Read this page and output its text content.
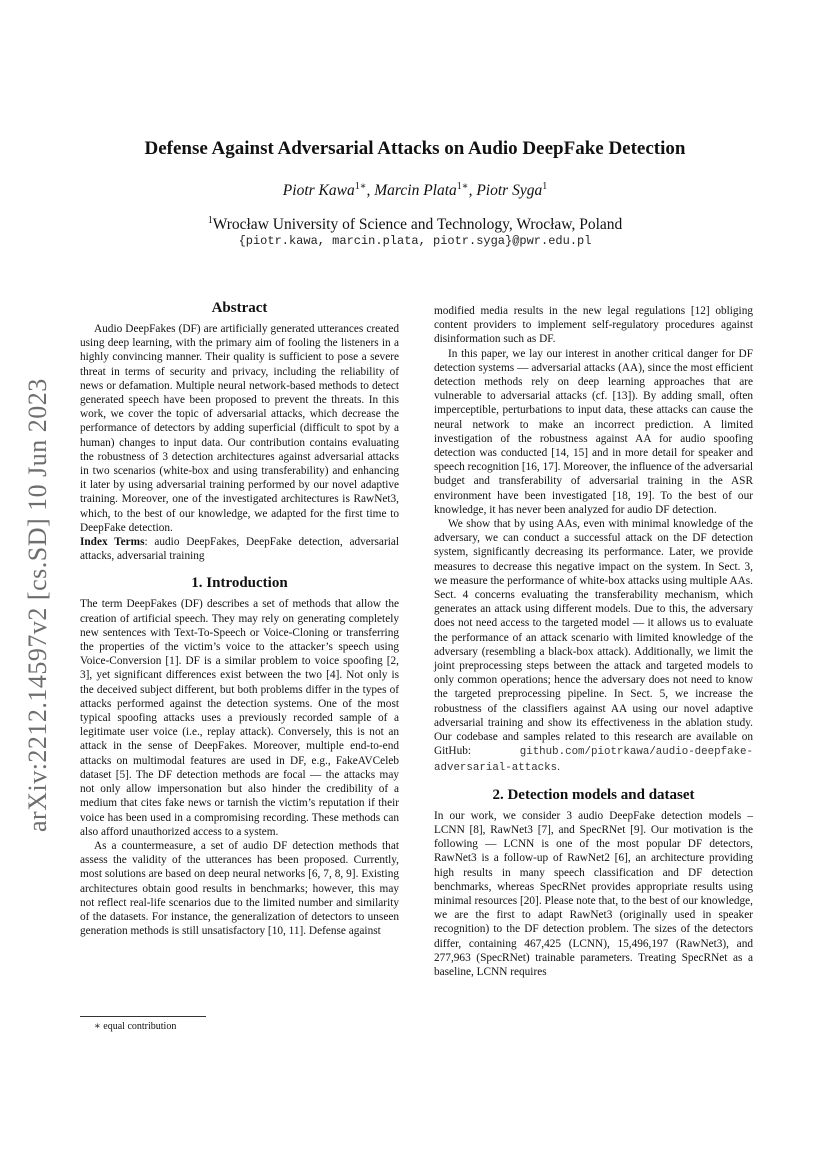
arXiv:2212.14597v2 [cs.SD] 10 Jun 2023
Defense Against Adversarial Attacks on Audio DeepFake Detection
Piotr Kawa$^{1∗}$, Marcin Plata$^{1∗}$, Piotr Syga$^1$
$^1$Wrocław University of Science and Technology, Wrocław, Poland
{piotr.kawa, marcin.plata, piotr.syga}@pwr.edu.pl
Abstract

Audio DeepFakes (DF) are artificially generated utterances created using deep learning, with the primary aim of fooling the listeners in a highly convincing manner. Their quality is sufficient to pose a severe threat in terms of security and privacy, including the reliability of news or defamation. Multiple neural network-based methods to detect generated speech have been proposed to prevent the threats. In this work, we cover the topic of adversarial attacks, which decrease the performance of detectors by adding superficial (difficult to spot by a human) changes to input data. Our contribution contains evaluating the robustness of 3 detection architectures against adversarial attacks in two scenarios (white-box and using transferability) and enhancing it later by using adversarial training performed by our novel adaptive training. Moreover, one of the investigated architectures is RawNet3, which, to the best of our knowledge, we adapted for the first time to DeepFake detection.

Index Terms: audio DeepFakes, DeepFake detection, adversarial attacks, adversarial training

1. Introduction

The term DeepFakes (DF) describes a set of methods that allow the creation of artificial speech. They may rely on generating completely new sentences with Text-To-Speech or Voice-Cloning or transferring the properties of the victim’s voice to the attacker’s speech using Voice-Conversion [1]. DF is a similar problem to voice spoofing [2, 3], yet significant differences exist between the two [4]. Not only is the deceived subject different, but both problems differ in the types of attacks performed against the detection systems. One of the most typical spoofing attacks uses a previously recorded sample of a legitimate user voice (i.e., replay attack). Conversely, this is not an attack in the sense of DeepFakes. Moreover, multiple end-to-end attacks on multimodal features are used in DF, e.g., FakeAVCeleb dataset [5]. The DF detection methods are focal — the attacks may not only allow impersonation but also hinder the credibility of a medium that cites fake news or tarnish the victim’s reputation if their voice has been used in a compromising recording. These methods can also afford unauthorized access to a system.

As a countermeasure, a set of audio DF detection methods that assess the validity of the utterances has been proposed. Currently, most solutions are based on deep neural networks [6, 7, 8, 9]. Existing architectures obtain good results in benchmarks; however, this may not reflect real-life scenarios due to the limited number and similarity of the datasets. For instance, the generalization of detectors to unseen generation methods is still unsatisfactory [10, 11]. Defense against

∗ equal contribution

modified media results in the new legal regulations [12] obliging content providers to implement self-regulatory procedures against disinformation such as DF.

In this paper, we lay our interest in another critical danger for DF detection systems — adversarial attacks (AA), since the most efficient detection methods rely on deep learning approaches that are vulnerable to adversarial attacks (cf. [13]). By adding small, often imperceptible, perturbations to input data, these attacks can cause the neural network to make an incorrect prediction. A limited investigation of the robustness against AA for audio spoofing detection was conducted [14, 15] and in more detail for speaker and speech recognition [16, 17]. Moreover, the influence of the adversarial budget and transferability of adversarial training in the ASR environment have been investigated [18, 19]. To the best of our knowledge, it has never been analyzed for audio DF detection.

We show that by using AAs, even with minimal knowledge of the adversary, we can conduct a successful attack on the DF detection system, significantly decreasing its performance. Later, we provide measures to decrease this negative impact on the system. In Sect. 3, we measure the performance of white-box attacks using multiple AAs. Sect. 4 concerns evaluating the transferability mechanism, which generates an attack using different models. Due to this, the adversary does not need access to the targeted model — it allows us to evaluate the performance of an attack scenario with limited knowledge of the adversary (resembling a black-box attack). Additionally, we limit the joint preprocessing steps between the attack and targeted models to only common operations; hence the adversary does not need to know the targeted preprocessing pipeline. In Sect. 5, we increase the robustness of the classifiers against AA using our novel adaptive adversarial training and show its effectiveness in the ablation study. Our codebase and samples related to this research are available on GitHub: github.com/piotrkawa/audio-deepfake-adversarial-attacks.

2. Detection models and dataset

In our work, we consider 3 audio DeepFake detection models – LCNN [8], RawNet3 [7], and SpecRNet [9]. Our motivation is the following — LCNN is one of the most popular DF detectors, RawNet3 is a follow-up of RawNet2 [6], an architecture providing high results in many speech classification and DF detection benchmarks, whereas SpecRNet provides appropriate results using minimal resources [20]. Please note that, to the best of our knowledge, we are the first to adapt RawNet3 (originally used in speaker recognition) to the DF detection problem. The sizes of the detectors differ, containing 467,425 (LCNN), 15,496,197 (RawNet3), and 277,963 (SpecRNet) trainable parameters. Treating SpecRNet as a baseline, LCNN requires
